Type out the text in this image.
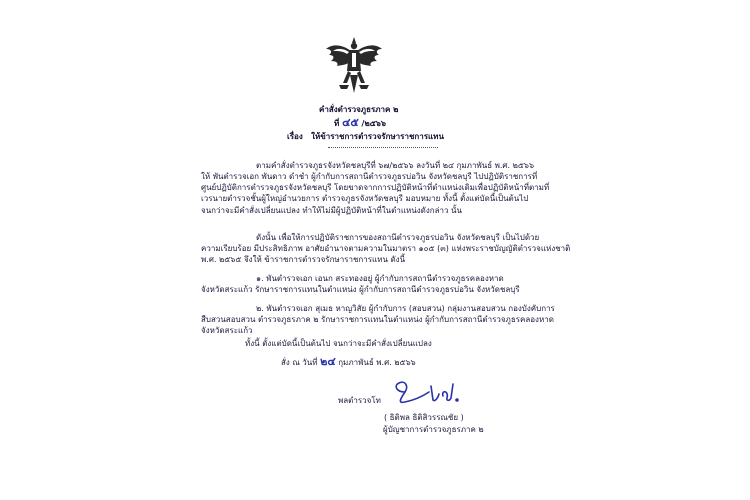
คำสั่งตำรวจภูธรภาค ๒
ที่ ๔๕ /๒๕๖๖
เรื่อง ให้ข้าราชการตำรวจรักษาราชการแทน
ตามคำสั่งตำรวจภูธรจังหวัดชลบุรีที่ ๖๗/๒๕๖๖ ลงวันที่ ๒๔ กุมภาพันธ์ พ.ศ. ๒๕๖๖
ให้ พันตำรวจเอก พันดาว ดำชำ ผู้กำกับการสถานีตำรวจภูธรบ่อวิน จังหวัดชลบุรี ไปปฏิบัติราชการที่
ศูนย์ปฏิบัติการตำรวจภูธรจังหวัดชลบุรี โดยขาดจากการปฏิบัติหน้าที่ตำแหน่งเดิมเพื่อปฏิบัติหน้าที่ตามที่
เวรนายตำรวจชั้นผู้ใหญ่อำนวยการ ตำรวจภูธรจังหวัดชลบุรี มอบหมาย ทั้งนี้ ตั้งแต่บัดนี้เป็นต้นไป
จนกว่าจะมีคำสั่งเปลี่ยนแปลง ทำให้ไม่มีผู้ปฏิบัติหน้าที่ในตำแหน่งดังกล่าว นั้น
ดังนั้น เพื่อให้การปฏิบัติราชการของสถานีตำรวจภูธรบ่อวิน จังหวัดชลบุรี เป็นไปด้วย
ความเรียบร้อย มีประสิทธิภาพ อาศัยอำนาจตามความในมาตรา ๑๐๕ (๓) แห่งพระราชบัญญัติตำรวจแห่งชาติ
พ.ศ. ๒๕๖๕ จึงให้ ข้าราชการตำรวจรักษาราชการแทน ดังนี้
๑. พันตำรวจเอก เอนก สระทองอยู่ ผู้กำกับการสถานีตำรวจภูธรคลองหาด
จังหวัดสระแก้ว รักษาราชการแทนในตำแหน่ง ผู้กำกับการสถานีตำรวจภูธรบ่อวิน จังหวัดชลบุรี
๒. พันตำรวจเอก สุเมธ หาญวิสัย ผู้กำกับการ (สอบสวน) กลุ่มงานสอบสวน กองบังคับการ
สืบสวนสอบสวน ตำรวจภูธรภาค ๒ รักษาราชการแทนในตำแหน่ง ผู้กำกับการสถานีตำรวจภูธรคลองหาด
จังหวัดสระแก้ว
ทั้งนี้ ตั้งแต่บัดนี้เป็นต้นไป จนกว่าจะมีคำสั่งเปลี่ยนแปลง
สั่ง ณ วันที่ ๒๔ กุมภาพันธ์ พ.ศ. ๒๕๖๖
พลตำรวจโท
( ธิติพล ธิติสิวรรณชัย )
ผู้บัญชาการตำรวจภูธรภาค ๒
